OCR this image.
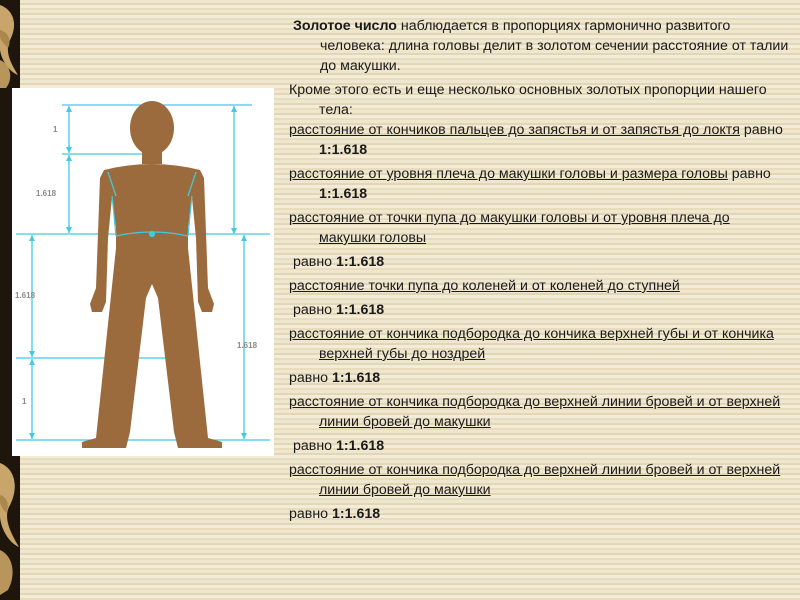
1
1.618
1.618
1
1.618

Золотое число наблюдается в пропорциях гармонично развитого человека: длина головы делит в золотом сечении расстояние от талии до макушки.

Кроме этого есть и еще несколько основных золотых пропорции нашего тела:

расстояние от кончиков пальцев до запястья и от запястья до локтя равно 1:1.618

расстояние от уровня плеча до макушки головы и размера головы равно 1:1.618

расстояние от точки пупа до макушки головы и от уровня плеча до макушки головы

равно 1:1.618

расстояние точки пупа до коленей и от коленей до ступней

равно 1:1.618

расстояние от кончика подбородка до кончика верхней губы и от кончика верхней губы до ноздрей

равно 1:1.618

расстояние от кончика подбородка до верхней линии бровей и от верхней линии бровей до макушки

равно 1:1.618

расстояние от кончика подбородка до верхней линии бровей и от верхней линии бровей до макушки

равно 1:1.618
